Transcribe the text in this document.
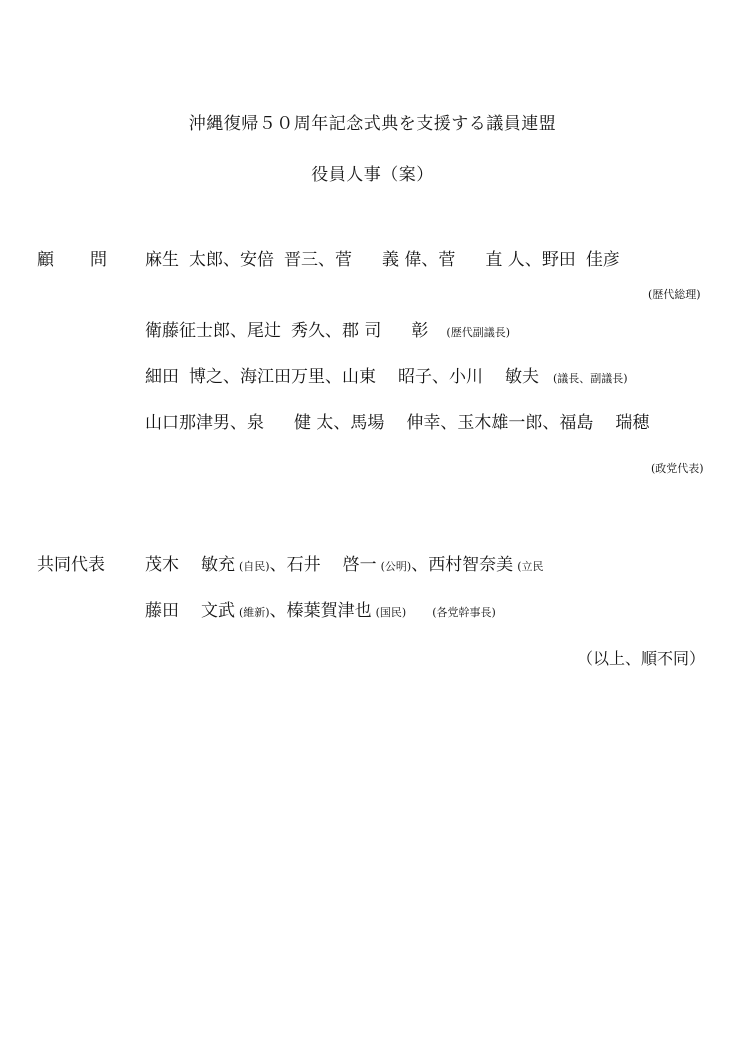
沖縄復帰５０周年記念式典を支援する議員連盟
役員人事（案）
顧 問 麻生 太郎、安倍 晋三、菅 義 偉、菅 直 人、野田 佳彦
(歴代総理)
衛藤征士郎、尾辻 秀久、郡 司 彰 (歴代副議長)
細田 博之、海江田万里、山東 昭子、小川 敏夫 (議長、副議長)
山口那津男、泉 健 太、馬場 伸幸、玉木雄一郎、福島 瑞穂
(政党代表)
共同代表 茂木 敏充 (自民)、石井 啓一 (公明)、西村智奈美 (立民
藤田 文武 (維新)、榛葉賀津也 (国民) (各党幹事長)
（以上、順不同）
